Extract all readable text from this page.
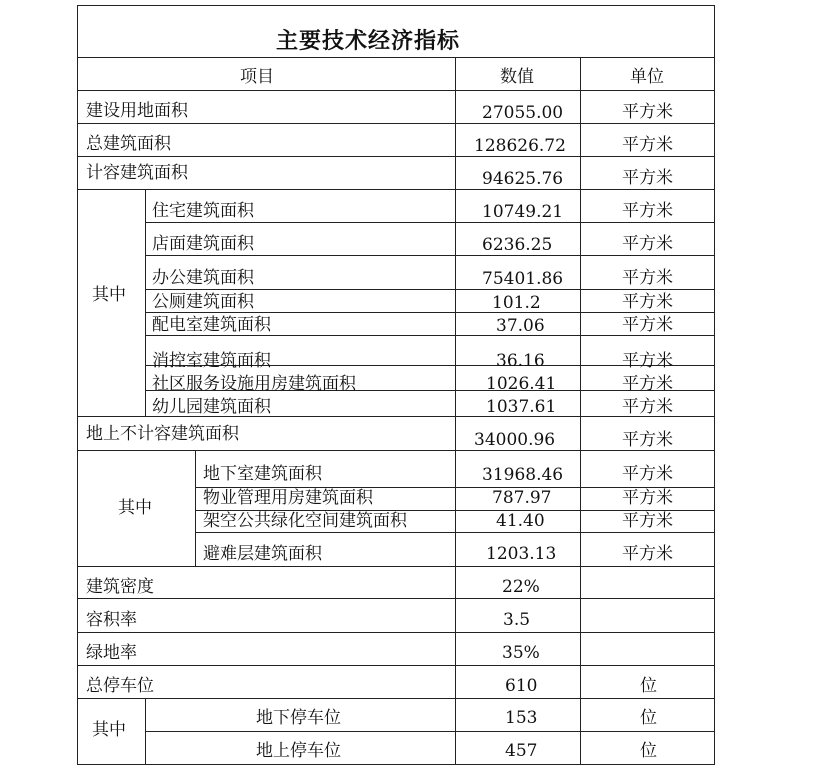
主要技术经济指标
项目	数值	单位
建设用地面积	27055.00	平方米
总建筑面积	128626.72	平方米
计容建筑面积	94625.76	平方米
其中
住宅建筑面积	10749.21	平方米
店面建筑面积	6236.25	平方米
办公建筑面积	75401.86	平方米
公厕建筑面积	101.2	平方米
配电室建筑面积	37.06	平方米
消控室建筑面积	36.16	平方米
社区服务设施用房建筑面积	1026.41	平方米
幼儿园建筑面积	1037.61	平方米
地上不计容建筑面积	34000.96	平方米
其中
地下室建筑面积	31968.46	平方米
物业管理用房建筑面积	787.97	平方米
架空公共绿化空间建筑面积	41.40	平方米
避难层建筑面积	1203.13	平方米
建筑密度	22%
容积率	3.5
绿地率	35%
总停车位	610	位
其中
地下停车位	153	位
地上停车位	457	位
